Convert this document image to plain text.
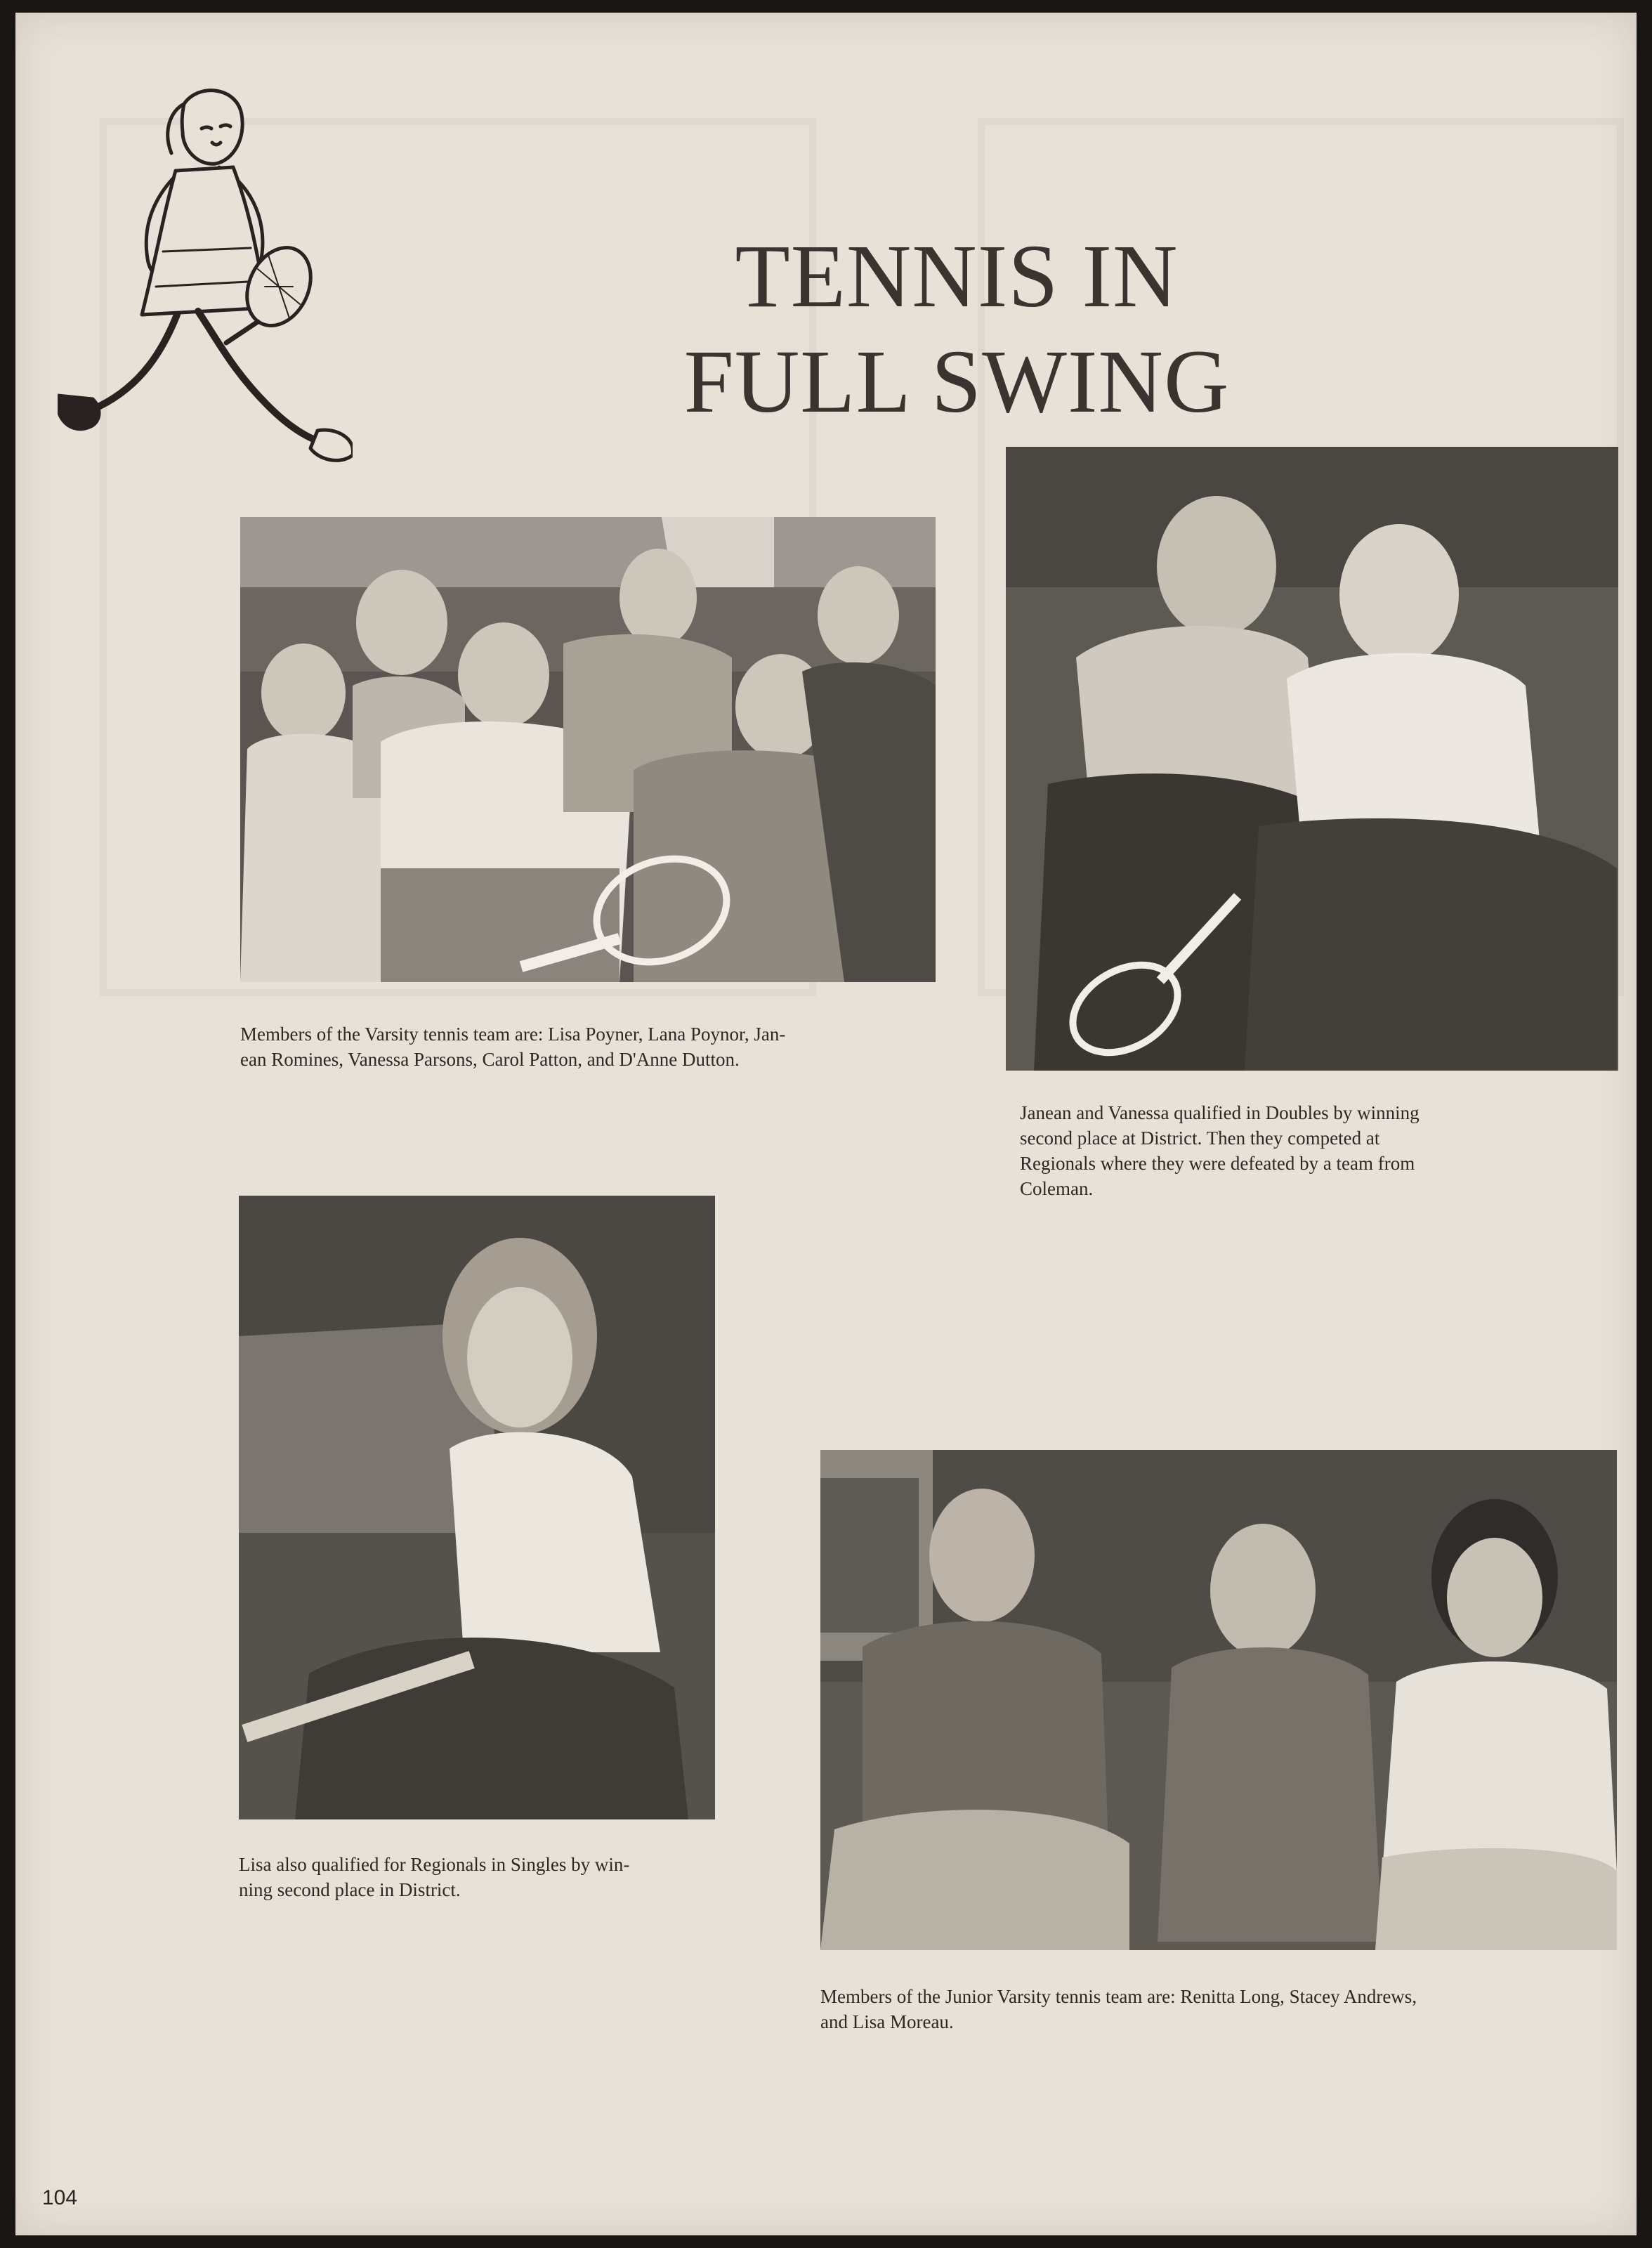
TENNIS IN
FULL SWING

Members of the Varsity tennis team are: Lisa Poyner, Lana Poynor, Jan-
ean Romines, Vanessa Parsons, Carol Patton, and D'Anne Dutton.

Janean and Vanessa qualified in Doubles by winning
second place at District. Then they competed at
Regionals where they were defeated by a team from
Coleman.

Lisa also qualified for Regionals in Singles by win-
ning second place in District.

Members of the Junior Varsity tennis team are: Renitta Long, Stacey Andrews,
and Lisa Moreau.

104
